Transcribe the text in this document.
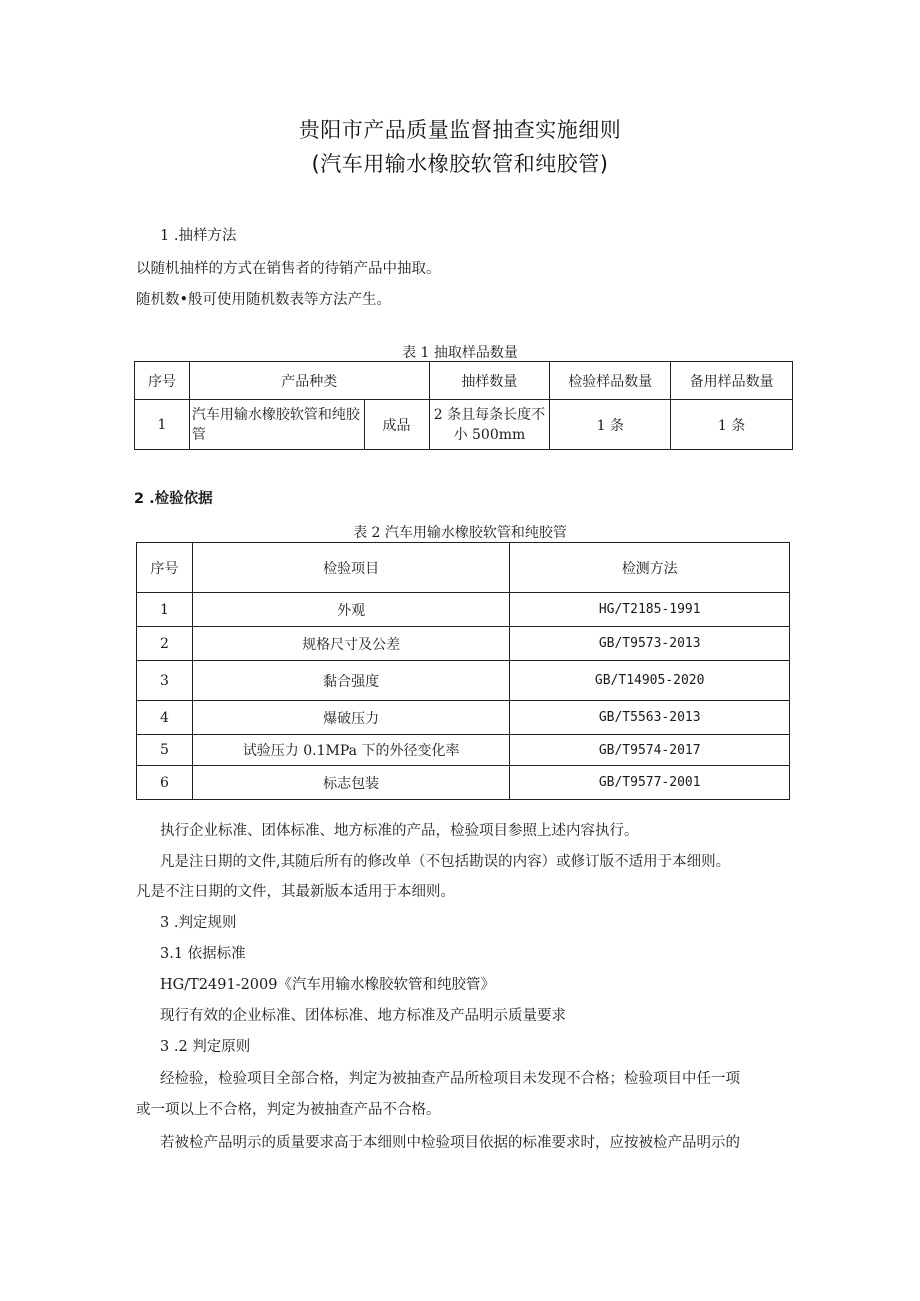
贵阳市产品质量监督抽查实施细则
(汽车用输水橡胶软管和纯胶管)
1 .抽样方法
以随机抽样的方式在销售者的待销产品中抽取。
随机数•般可使用随机数表等方法产生。
表 1 抽取样品数量
序号	产品种类		抽样数量	检验样品数量	备用样品数量
1	汽车用输水橡胶软管和纯胶管	成品	2 条且每条长度不小 500mm	1 条	1 条
2 .检验依据
表 2 汽车用输水橡胶软管和纯胶管
序号	检验项目	检测方法
1	外观	HG/T2185-1991
2	规格尺寸及公差	GB/T9573-2013
3	黏合强度	GB/T14905-2020
4	爆破压力	GB/T5563-2013
5	试验压力 0.1MPa 下的外径变化率	GB/T9574-2017
6	标志包装	GB/T9577-2001
执行企业标准、团体标准、地方标准的产品，检验项目参照上述内容执行。
凡是注日期的文件,其随后所有的修改单（不包括勘误的内容）或修订版不适用于本细则。
凡是不注日期的文件，其最新版本适用于本细则。
3 .判定规则
3.1 依据标准
HG/T2491-2009《汽车用输水橡胶软管和纯胶管》
现行有效的企业标准、团体标准、地方标准及产品明示质量要求
3 .2 判定原则
经检验，检验项目全部合格，判定为被抽查产品所检项目未发现不合格；检验项目中任一项
或一项以上不合格，判定为被抽查产品不合格。
若被检产品明示的质量要求高于本细则中检验项目依据的标准要求时，应按被检产品明示的
